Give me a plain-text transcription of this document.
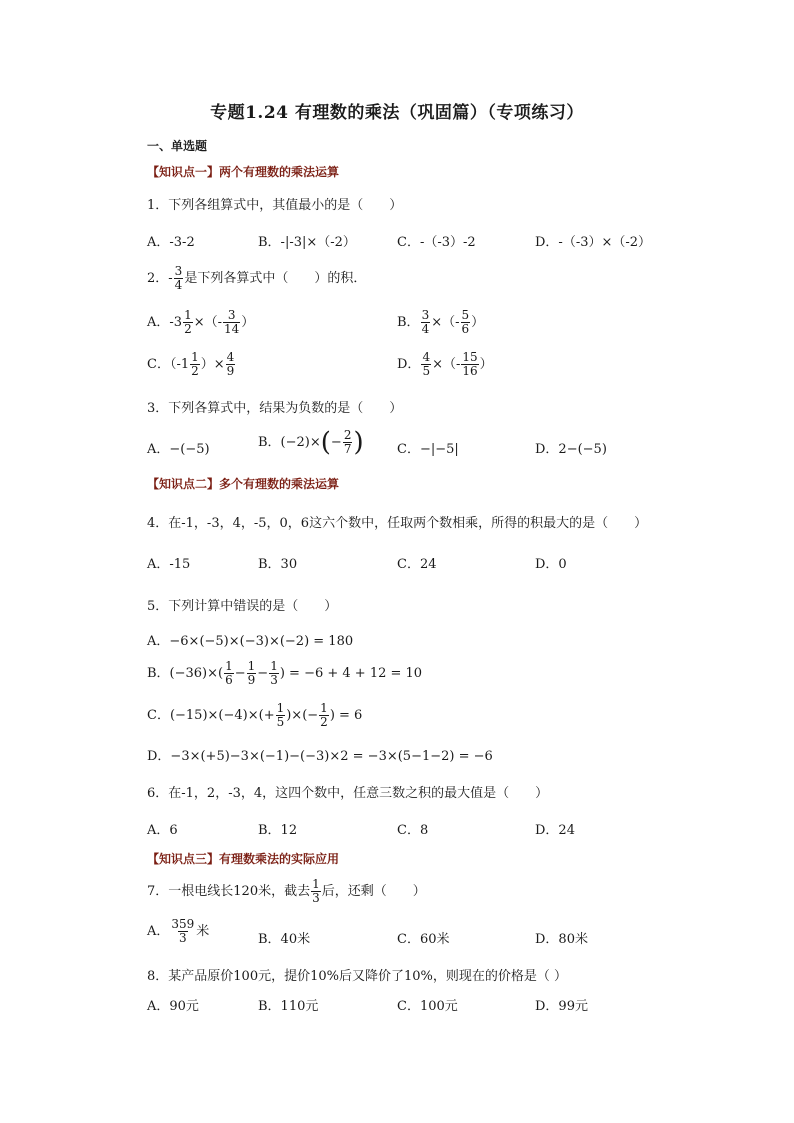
专题1.24 有理数的乘法（巩固篇）（专项练习）
一、单选题
【知识点一】两个有理数的乘法运算
1．下列各组算式中，其值最小的是（　　）
A．-3-2	B．-|-3|×（-2）	C．-（-3）-2	D．-（-3）×（-2）
2．- $\frac{3}{4}$ 是下列各算式中（　　）的积．
A．$-3 \frac{1}{2}$ ×（- $\frac{3}{14}$ ）	B． $\frac{3}{4}$ ×（- $\frac{5}{6}$ ）
C．（$-1 \frac{1}{2}$ ）× $\frac{4}{9}$	D． $\frac{4}{5}$ ×（- $\frac{15}{16}$ ）
3．下列各算式中，结果为负数的是（　　）
A．−(−5)	B．$(-2)\times(- \frac{2}{7}$ )	C．−|−5|	D．2−(−5)
【知识点二】多个有理数的乘法运算
4．在-1，-3，4，-5，0，6这六个数中，任取两个数相乘，所得的积最大的是（　　）
A．-15	B．30	C．24	D．0
5．下列计算中错误的是（　　）
A．−6×(−5)×(−3)×(−2) = 180
B．$(-36)\times( \frac{1}{6} - \frac{1}{9} - \frac{1}{3}$ ) = −6 + 4 + 12 = 10
C．$(-15)\times(-4)\times(+ \frac{1}{5}$ )×(− $\frac{1}{2}$ ) = 6
D．−3×(+5)−3×(−1)−(−3)×2 = −3×(5−1−2) = −6
6．在-1，2，-3，4，这四个数中，任意三数之积的最大值是（　　）
A．6	B．12	C．8	D．24
【知识点三】有理数乘法的实际应用
7．一根电线长120米，截去 $\frac{1}{3}$ 后，还剩（　　）
A． $\frac{359}{3}$ 米
B．40米	C．60米	D．80米
8．某产品原价100元，提价10%后又降价了10%，则现在的价格是（ ）
A．90元	B．110元	C．100元	D．99元
